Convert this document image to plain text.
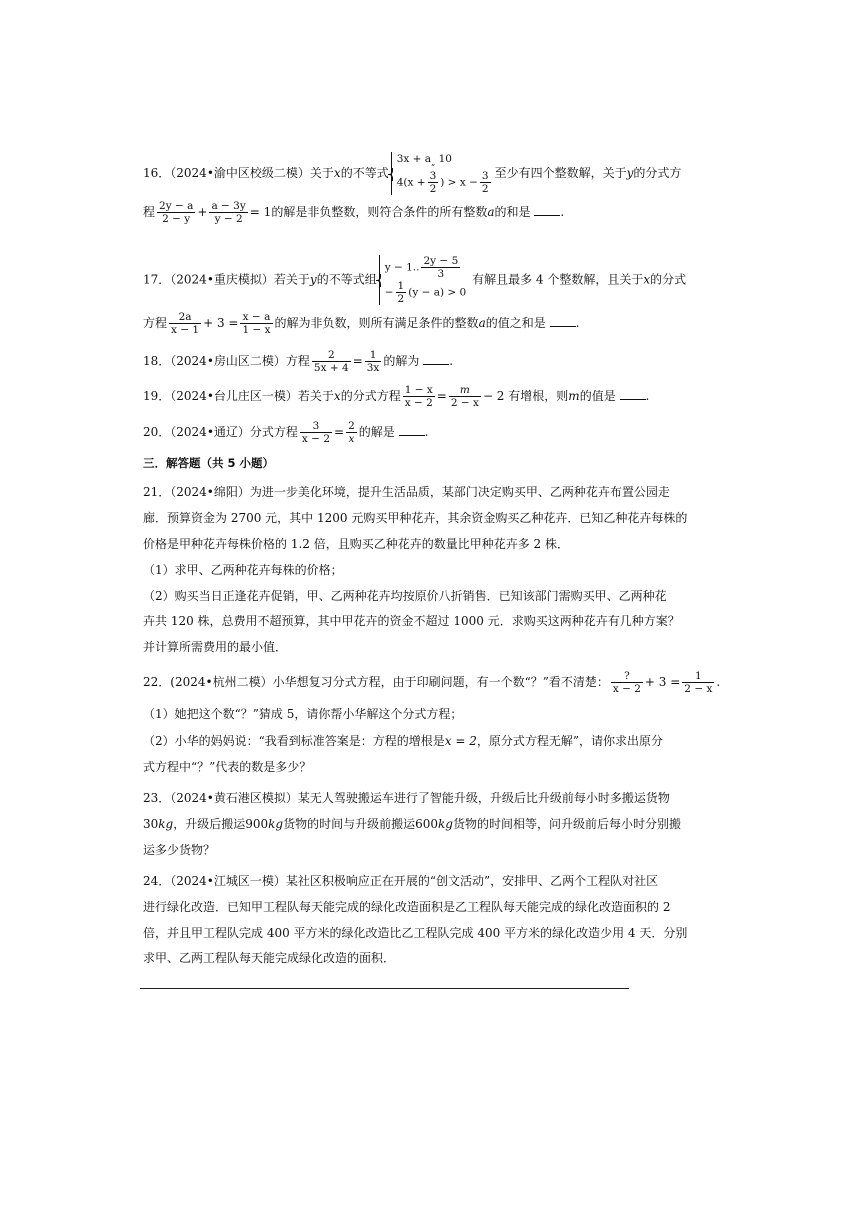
16．（2024•渝中区校级二模）关于x的不等式
$3x + a_„$ 10
$4(x + \frac{3}{2}$ ) > $x - \frac{3}{2}$ 至少有四个整数解，关于y的分式方
程 $\frac{2y - a}{2 - y} + \frac{a - 3y}{y - 2} = 1$的解是非负整数，则符合条件的所有整数a的和是 .
17．（2024•重庆模拟）若关于y的不等式组
y − 1.. $\frac{2y - 5}{3}$
− $\frac{1}{2} (y - a) > 0$
有解且最多 4 个整数解，且关于x的分式
方程 $\frac{2a}{x - 1} + 3 = \frac{x - a}{1 - x}$ 的解为非负数，则所有满足条件的整数a的值之和是 .
18．（2024•房山区二模）方程 $\frac{2}{5x + 4} = \frac{1}{3x}$ 的解为 .
19．（2024•台儿庄区一模）若关于x的分式方程 $\frac{1 - x}{x - 2} = \frac{m}{2 - x} - 2$ 有增根，则m的值是 .
20．（2024•通辽）分式方程 $\frac{3}{x - 2} = \frac{2}{x}$ 的解是 .
三．解答题（共 5 小题）
21．（2024•绵阳）为进一步美化环境，提升生活品质，某部门决定购买甲、乙两种花卉布置公园走
廊．预算资金为 2700 元，其中 1200 元购买甲种花卉，其余资金购买乙种花卉．已知乙种花卉每株的
价格是甲种花卉每株价格的 1.2 倍，且购买乙种花卉的数量比甲种花卉多 2 株．
（1）求甲、乙两种花卉每株的价格；
（2）购买当日正逢花卉促销，甲、乙两种花卉均按原价八折销售．已知该部门需购买甲、乙两种花
卉共 120 株，总费用不超预算，其中甲花卉的资金不超过 1000 元．求购买这两种花卉有几种方案？
并计算所需费用的最小值．
22．(2024•杭州二模）小华想复习分式方程，由于印刷问题，有一个数“？”看不清楚： $\frac{?}{x - 2} + 3 = \frac{1}{2 - x}$ .
（1）她把这个数“？”猜成 5，请你帮小华解这个分式方程；
（2）小华的妈妈说：“我看到标准答案是：方程的增根是x = 2，原分式方程无解”，请你求出原分
式方程中“？”代表的数是多少？
23．（2024•黄石港区模拟）某无人驾驶搬运车进行了智能升级，升级后比升级前每小时多搬运货物
30kg，升级后搬运900kg货物的时间与升级前搬运600kg货物的时间相等，问升级前后每小时分别搬
运多少货物？
24．（2024•江城区一模）某社区积极响应正在开展的“创文活动”，安排甲、乙两个工程队对社区
进行绿化改造．已知甲工程队每天能完成的绿化改造面积是乙工程队每天能完成的绿化改造面积的 2
倍，并且甲工程队完成 400 平方米的绿化改造比乙工程队完成 400 平方米的绿化改造少用 4 天．分别
求甲、乙两工程队每天能完成绿化改造的面积．
